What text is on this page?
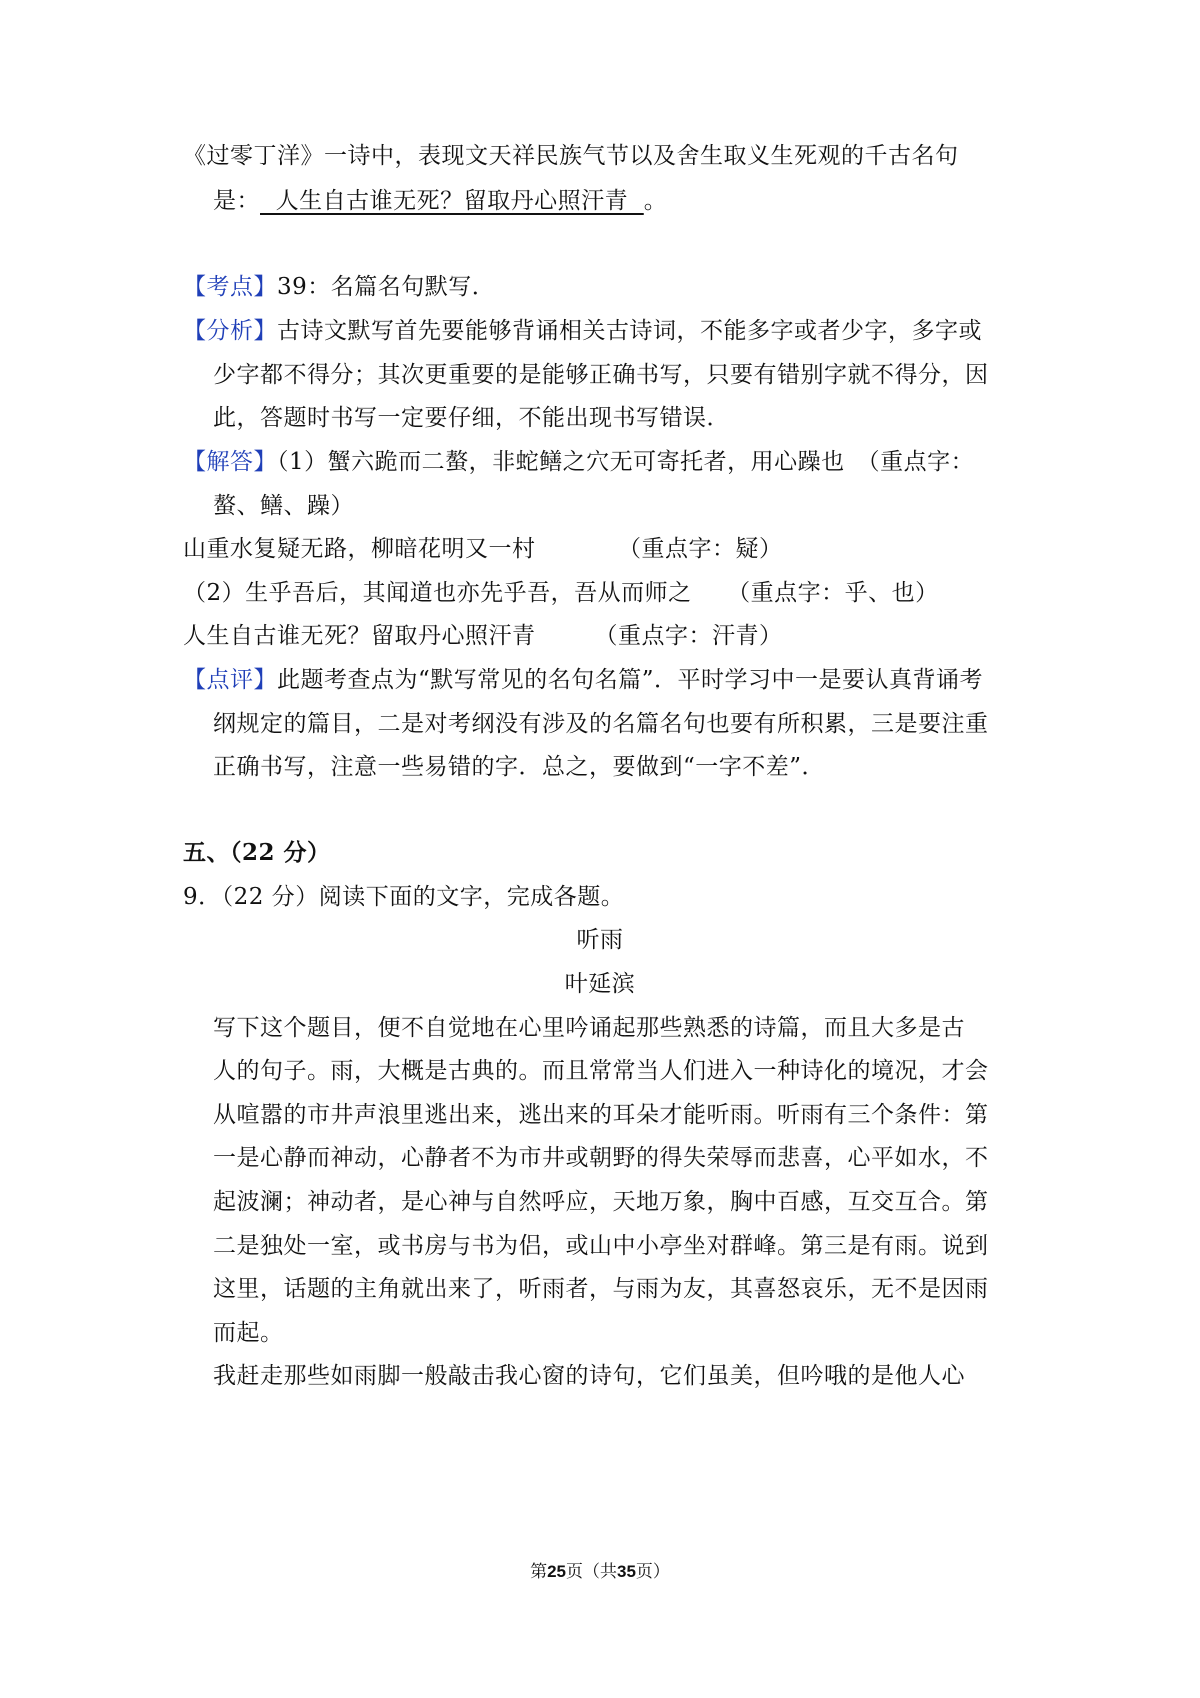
《过零丁洋》一诗中，表现文天祥民族气节以及舍生取义生死观的千古名句
是：  人生自古谁无死？留取丹心照汗青  。
【考点】39：名篇名句默写．
【分析】古诗文默写首先要能够背诵相关古诗词，不能多字或者少字，多字或
少字都不得分；其次更重要的是能够正确书写，只要有错别字就不得分，因
此，答题时书写一定要仔细，不能出现书写错误．
【解答】（1）蟹六跪而二螯，非蛇鳝之穴无可寄托者，用心躁也　（重点字：
螯、鳝、躁）
山重水复疑无路，柳暗花明又一村　　　　（重点字：疑）
（2）生乎吾后，其闻道也亦先乎吾，吾从而师之　　（重点字：乎、也）
人生自古谁无死？留取丹心照汗青　　　（重点字：汗青）
【点评】此题考查点为“默写常见的名句名篇”．平时学习中一是要认真背诵考
纲规定的篇目，二是对考纲没有涉及的名篇名句也要有所积累，三是要注重
正确书写，注意一些易错的字．总之，要做到“一字不差”．
五、（22 分）
9．（22 分）阅读下面的文字，完成各题。
听雨
叶延滨
写下这个题目，便不自觉地在心里吟诵起那些熟悉的诗篇，而且大多是古
人的句子。雨，大概是古典的。而且常常当人们进入一种诗化的境况，才会
从喧嚣的市井声浪里逃出来，逃出来的耳朵才能听雨。听雨有三个条件：第
一是心静而神动，心静者不为市井或朝野的得失荣辱而悲喜，心平如水，不
起波澜；神动者，是心神与自然呼应，天地万象，胸中百感，互交互合。第
二是独处一室，或书房与书为侣，或山中小亭坐对群峰。第三是有雨。说到
这里，话题的主角就出来了，听雨者，与雨为友，其喜怒哀乐，无不是因雨
而起。
我赶走那些如雨脚一般敲击我心窗的诗句，它们虽美，但吟哦的是他人心
第25页（共35页）
